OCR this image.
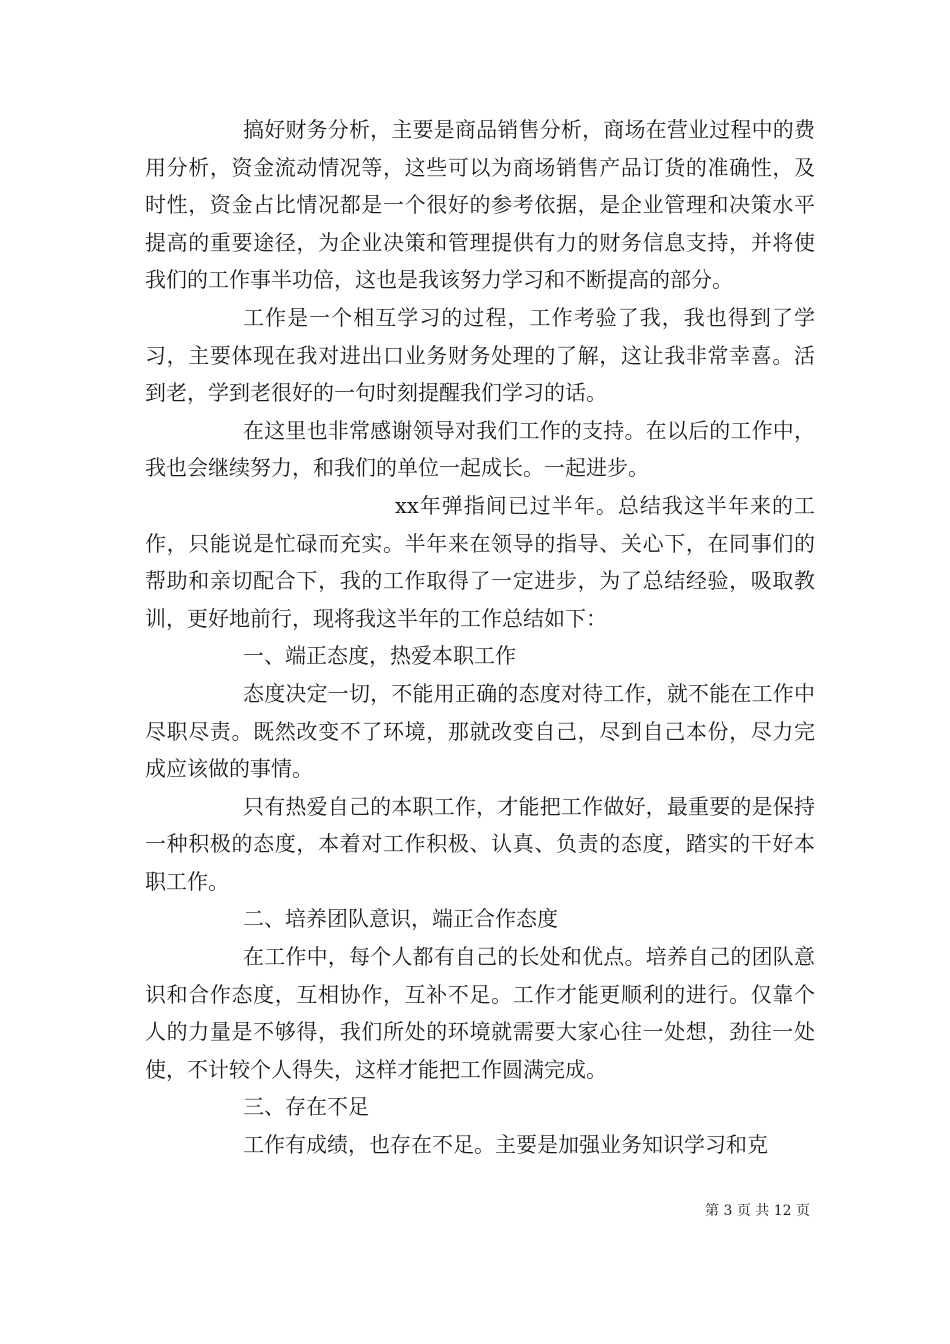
搞好财务分析，主要是商品销售分析，商场在营业过程中的费用分析，资金流动情况等，这些可以为商场销售产品订货的准确性，及时性，资金占比情况都是一个很好的参考依据，是企业管理和决策水平提高的重要途径，为企业决策和管理提供有力的财务信息支持，并将使我们的工作事半功倍，这也是我该努力学习和不断提高的部分。

工作是一个相互学习的过程，工作考验了我，我也得到了学习，主要体现在我对进出口业务财务处理的了解，这让我非常幸喜。活到老，学到老很好的一句时刻提醒我们学习的话。

在这里也非常感谢领导对我们工作的支持。在以后的工作中，我也会继续努力，和我们的单位一起成长。一起进步。

xx年弹指间已过半年。总结我这半年来的工作，只能说是忙碌而充实。半年来在领导的指导、关心下，在同事们的帮助和亲切配合下，我的工作取得了一定进步，为了总结经验，吸取教训，更好地前行，现将我这半年的工作总结如下：

一、端正态度，热爱本职工作

态度决定一切，不能用正确的态度对待工作，就不能在工作中尽职尽责。既然改变不了环境，那就改变自己，尽到自己本份，尽力完成应该做的事情。

只有热爱自己的本职工作，才能把工作做好，最重要的是保持一种积极的态度，本着对工作积极、认真、负责的态度，踏实的干好本职工作。

二、培养团队意识，端正合作态度

在工作中，每个人都有自己的长处和优点。培养自己的团队意识和合作态度，互相协作，互补不足。工作才能更顺利的进行。仅靠个人的力量是不够得，我们所处的环境就需要大家心往一处想，劲往一处使，不计较个人得失，这样才能把工作圆满完成。

三、存在不足

工作有成绩，也存在不足。主要是加强业务知识学习和克

第 3 页 共 12 页
